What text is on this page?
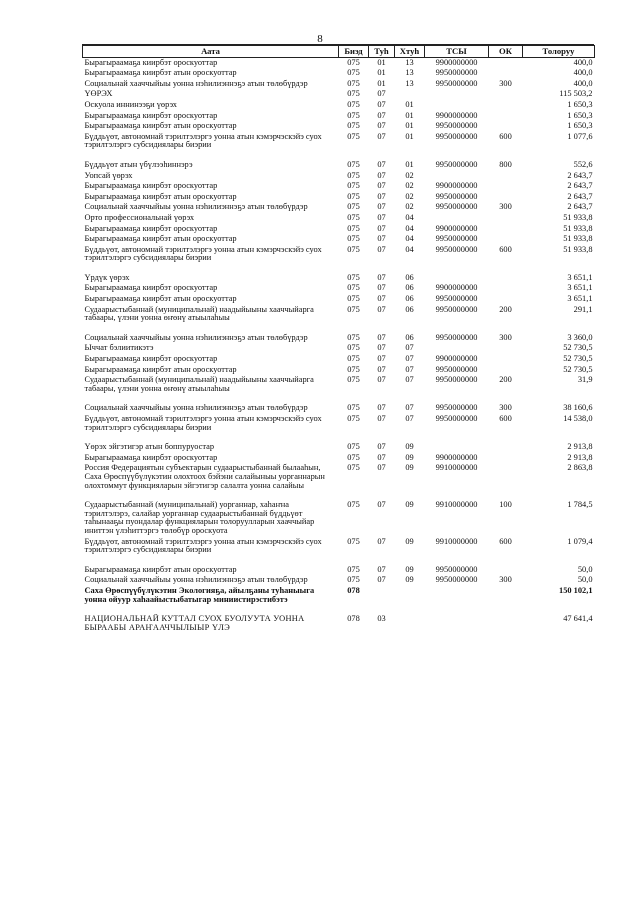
8
Аата	Биэд	Туh	Хтуh	ТСЫ	ОК	Толоруу
Бырагыраамаҕа киирбэт ороскуоттар	075	01	13	9900000000		400,0
Бырагыраамаҕа киирбэт атын ороскуоттар	075	01	13	9950000000		400,0
Социальнай хааччыйыы уонна нэһилиэннэҕэ атын төлөбүрдэр	075	01	13	9950000000	300	400,0
ҮӨРЭХ	075	07				115 503,2
Оскуола иннинээҕи үөрэх	075	07	01			1 650,3
Бырагыраамаҕа киирбэт ороскуоттар	075	07	01	9900000000		1 650,3
Бырагыраамаҕа киирбэт атын ороскуоттар	075	07	01	9950000000		1 650,3
Бүддьүөт, автономнай тэрилтэлэргэ уонна атын кэмэрчэскэйэ суох тэрилтэлэргэ субсидиялары биэрии	075	07	01	9950000000	600	1 077,6

Бүддьүөт атын үбүлээһиннэрэ	075	07	01	9950000000	800	552,6
Уопсай үөрэх	075	07	02			2 643,7
Бырагыраамаҕа киирбэт ороскуоттар	075	07	02	9900000000		2 643,7
Бырагыраамаҕа киирбэт атын ороскуоттар	075	07	02	9950000000		2 643,7
Социальнай хааччыйыы уонна нэһилиэннэҕэ атын төлөбүрдэр	075	07	02	9950000000	300	2 643,7
Орто профессиональнай үөрэх	075	07	04			51 933,8
Бырагыраамаҕа киирбэт ороскуоттар	075	07	04	9900000000		51 933,8
Бырагыраамаҕа киирбэт атын ороскуоттар	075	07	04	9950000000		51 933,8
Бүддьүөт, автономнай тэрилтэлэргэ уонна атын кэмэрчэскэйэ суох тэрилтэлэргэ субсидиялары биэрии	075	07	04	9950000000	600	51 933,8

Үрдүк үөрэх	075	07	06			3 651,1
Бырагыраамаҕа киирбэт ороскуоттар	075	07	06	9900000000		3 651,1
Бырагыраамаҕа киирбэт атын ороскуоттар	075	07	06	9950000000		3 651,1
Судаарыстыбаннай (муниципальнай) наадыйыыны хааччыйарга табаары, үлэни уонна өҥөнү атыылаһыы	075	07	06	9950000000	200	291,1

Социальнай хааччыйыы уонна нэһилиэннэҕэ атын төлөбүрдэр	075	07	06	9950000000	300	3 360,0
Ыччат бэлиитикэтэ	075	07	07			52 730,5
Бырагыраамаҕа киирбэт ороскуоттар	075	07	07	9900000000		52 730,5
Бырагыраамаҕа киирбэт атын ороскуоттар	075	07	07	9950000000		52 730,5
Судаарыстыбаннай (муниципальнай) наадыйыыны хааччыйарга табаары, үлэни уонна өҥөнү атыылаһыы	075	07	07	9950000000	200	31,9

Социальнай хааччыйыы уонна нэһилиэннэҕэ атын төлөбүрдэр	075	07	07	9950000000	300	38 160,6
Бүддьүөт, автономнай тэрилтэлэргэ уонна атын кэмэрчэскэйэ суох тэрилтэлэргэ субсидиялары биэрии	075	07	07	9950000000	600	14 538,0

Үөрэх эйгэтигэр атын боппуруостар	075	07	09			2 913,8
Бырагыраамаҕа киирбэт ороскуоттар	075	07	09	9900000000		2 913,8
Россия Федерациятын субъектарын судаарыстыбаннай былааһын, Саха Өрөспүүбүлүкэтин олохтоох бэйэни салайыныы уорганнарын олохтоммут функцияларын эйгэтигэр салалта уонна салайыы	075	07	09	9910000000		2 863,8

Судаарыстыбаннай (муниципальнай) уорганнар, хаһаҥна тэрилтэлэрэ, салайар уорганнар судаарыстыбаннай бүддьүөт таһынааҕы пуондалар функцияларын толоруулларын хааччыйар иниттэн үлэһиттэргэ төлөбүр ороскуота	075	07	09	9910000000	100	1 784,5
Бүддьүөт, автономнай тэрилтэлэргэ уонна атын кэмэрчэскэйэ суох тэрилтэлэргэ субсидиялары биэрии	075	07	09	9910000000	600	1 079,4

Бырагыраамаҕа киирбэт атын ороскуоттар	075	07	09	9950000000		50,0
Социальнай хааччыйыы уонна нэһилиэннэҕэ атын төлөбүрдэр	075	07	09	9950000000	300	50,0
Саха Өрөспүүбүлүкэтин Экологияҕа, айылҕаны туһаныыга уонна ойуур хаһаайыстыбатыгар миниистирэстибэтэ	078					150 102,1

НАЦИОНАЛЬНАЙ КУТТАЛ СУОХ БУОЛУУТА УОННА БЫРААБЫ АРАҤААЧЧЫЛЫЫР ҮЛЭ	078	03				47 641,4
